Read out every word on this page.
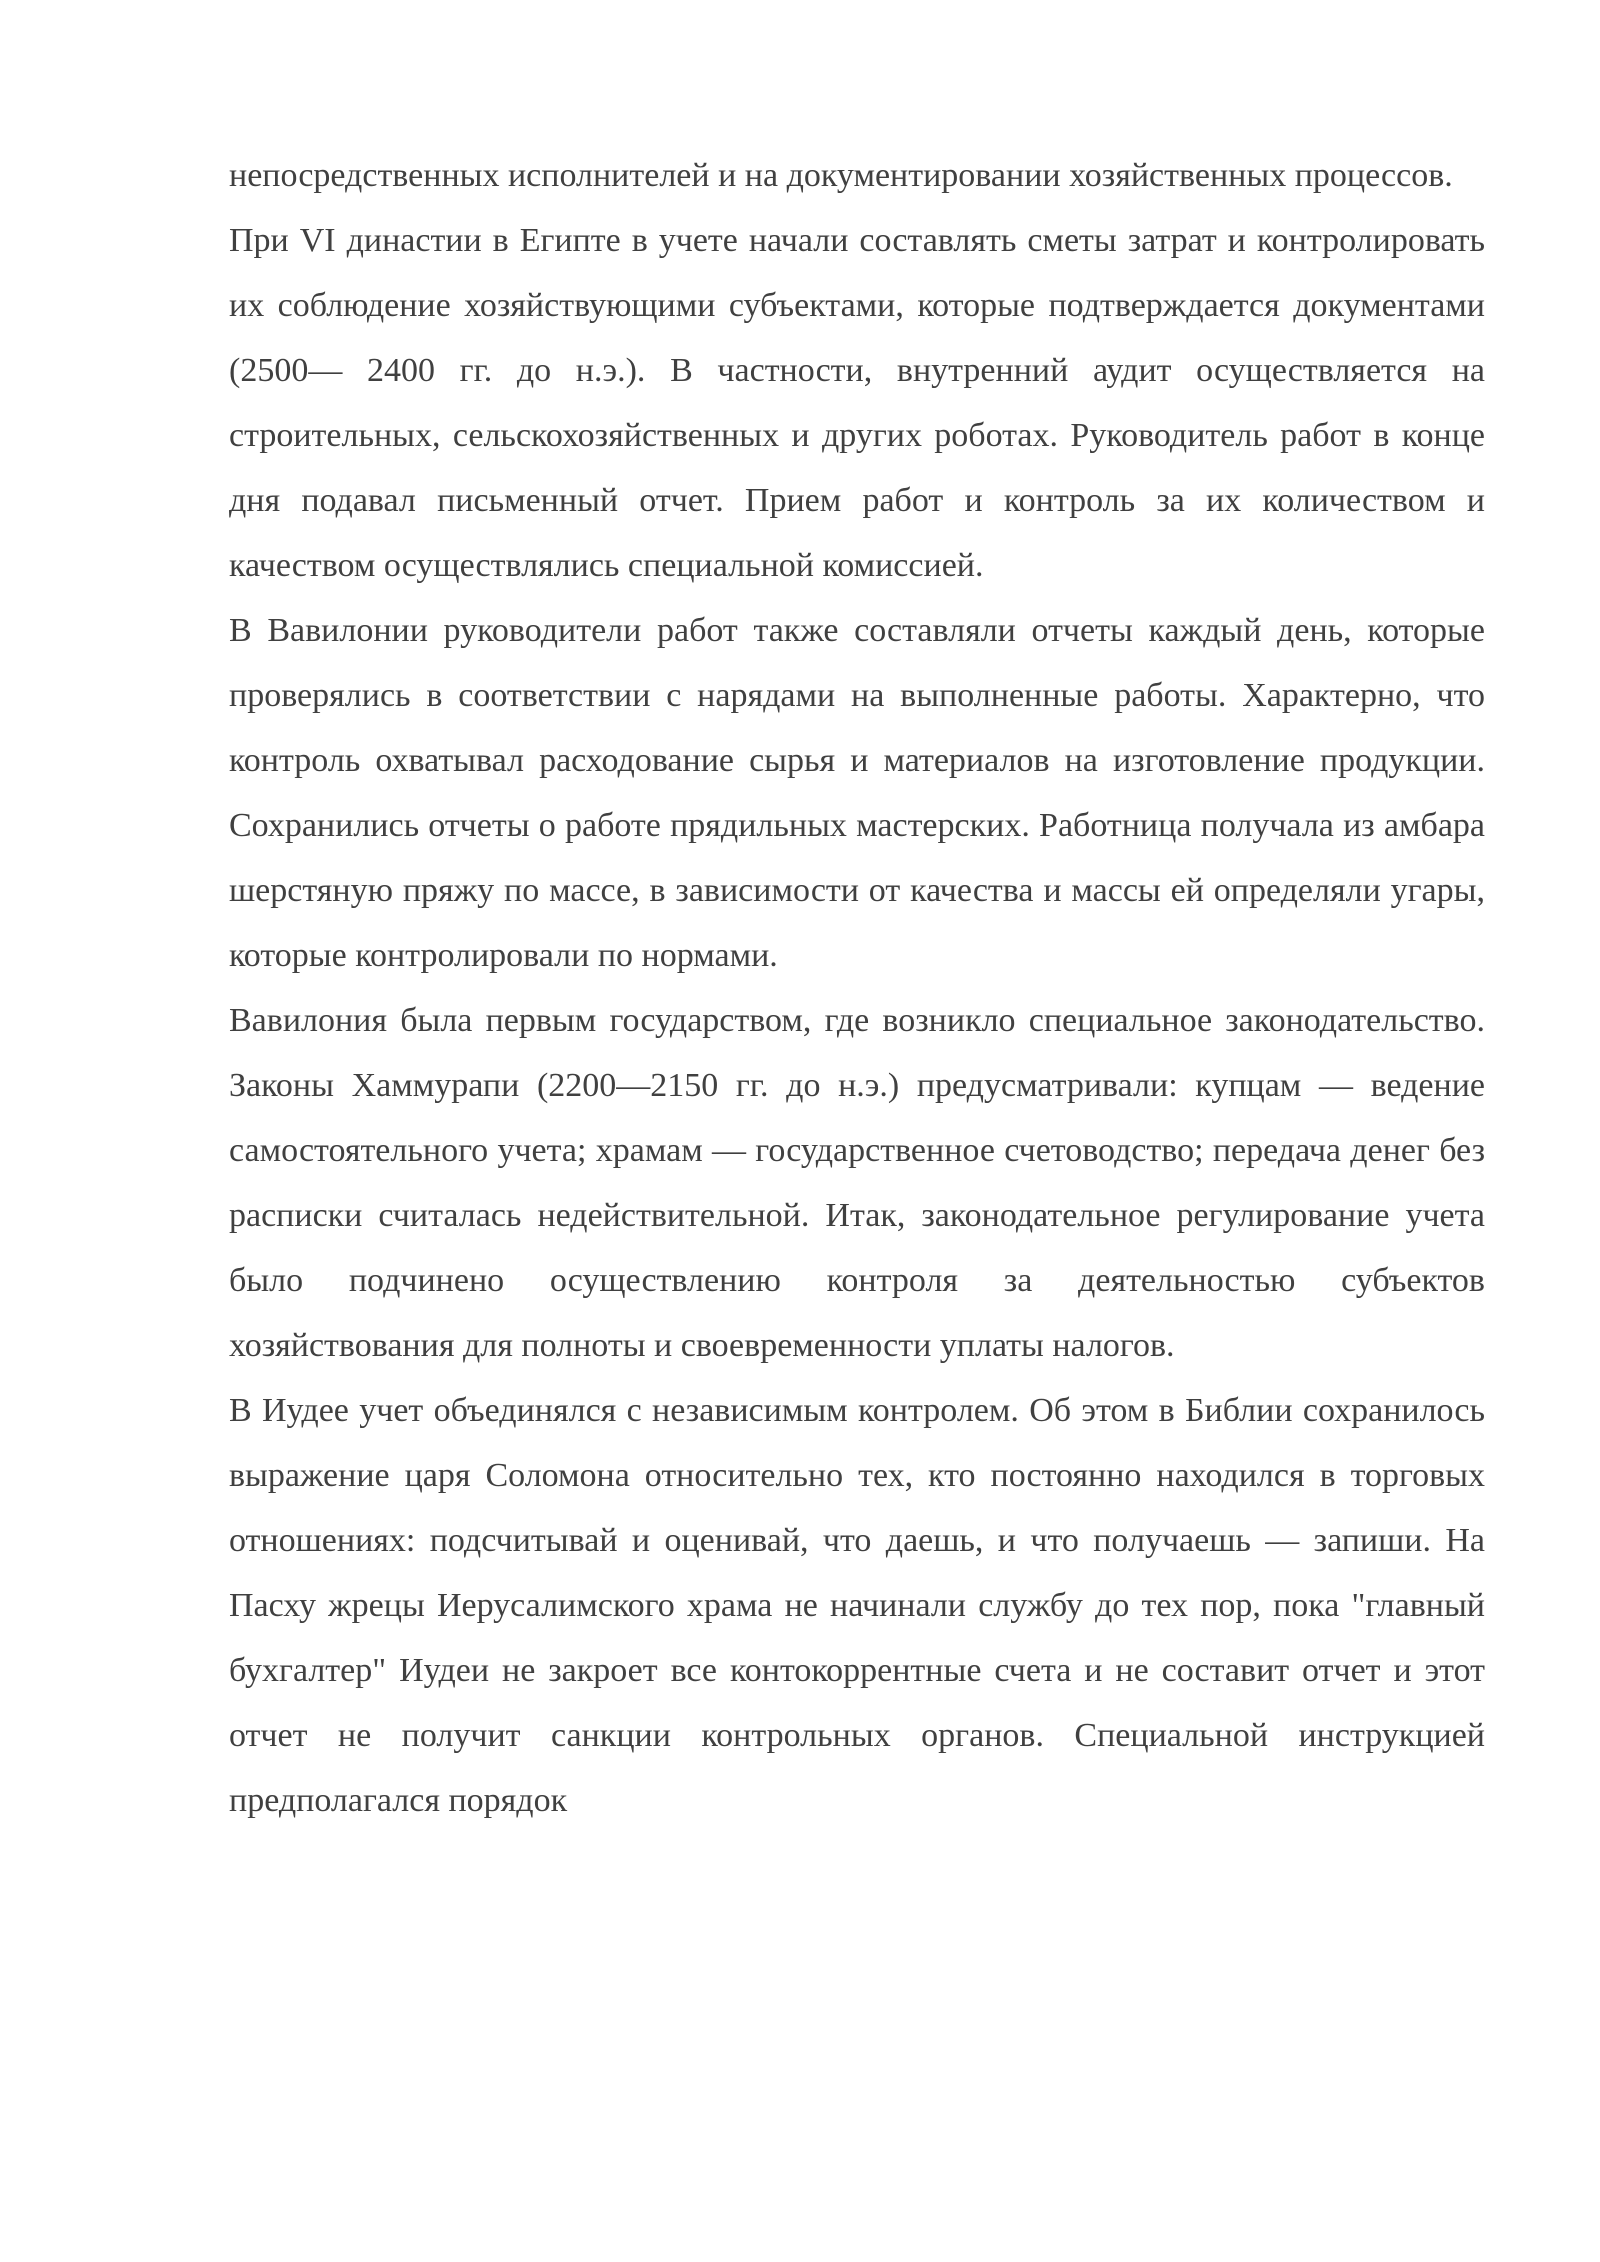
непосредственных исполнителей и на документировании хозяйственных процессов.

При VI династии в Египте в учете начали составлять сметы затрат и контролировать их соблюдение хозяйствующими субъектами, которые подтверждается документами (2500— 2400 гг. до н.э.). В частности, внутренний аудит осуществляется на строительных, сельскохозяйственных и других роботах. Руководитель работ в конце дня подавал письменный отчет. Прием работ и контроль за их количеством и качеством осуществлялись специальной комиссией.

В Вавилонии руководители работ также составляли отчеты каждый день, которые проверялись в соответствии с нарядами на выполненные работы. Характерно, что контроль охватывал расходование сырья и материалов на изготовление продукции. Сохранились отчеты о работе прядильных мастерских. Работница получала из амбара шерстяную пряжу по массе, в зависимости от качества и массы ей определяли угары, которые контролировали по нормами.

Вавилония была первым государством, где возникло специальное законодательство. Законы Хаммурапи (2200—2150 гг. до н.э.) предусматривали: купцам — ведение самостоятельного учета; храмам — государственное счетоводство; передача денег без расписки считалась недействительной. Итак, законодательное регулирование учета было подчинено осуществлению контроля за деятельностью субъектов хозяйствования для полноты и своевременности уплаты налогов.

В Иудее учет объединялся с независимым контролем. Об этом в Библии сохранилось выражение царя Соломона относительно тех, кто постоянно находился в торговых отношениях: подсчитывай и оценивай, что даешь, и что получаешь — запиши. На Пасху жрецы Иерусалимского храма не начинали службу до тех пор, пока "главный бухгалтер" Иудеи не закроет все контокоррентные счета и не составит отчет и этот отчет не получит санкции контрольных органов. Специальной инструкцией предполагался порядок
